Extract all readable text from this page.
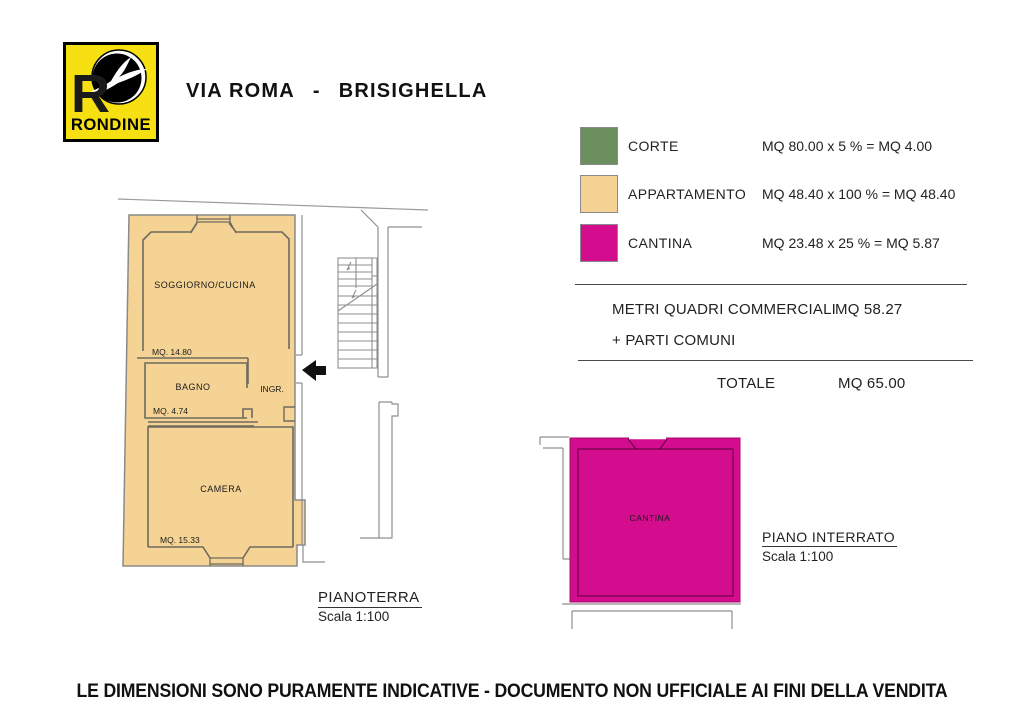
R
RONDINE
VIA ROMA - BRISIGHELLA
CORTE	MQ 80.00 x 5 % = MQ 4.00
APPARTAMENTO	MQ 48.40 x 100 % = MQ 48.40
CANTINA	MQ 23.48 x 25 % = MQ 5.87
METRI QUADRI COMMERCIALI MQ 58.27
+ PARTI COMUNI
TOTALE	MQ 65.00
SOGGIORNO/CUCINA
MQ. 14.80
BAGNO
MQ. 4.74
INGR.
CAMERA
MQ. 15.33
CANTINA
PIANOTERRA
Scala 1:100
PIANO INTERRATO
Scala 1:100
LE DIMENSIONI SONO PURAMENTE INDICATIVE - DOCUMENTO NON UFFICIALE AI FINI DELLA VENDITA
